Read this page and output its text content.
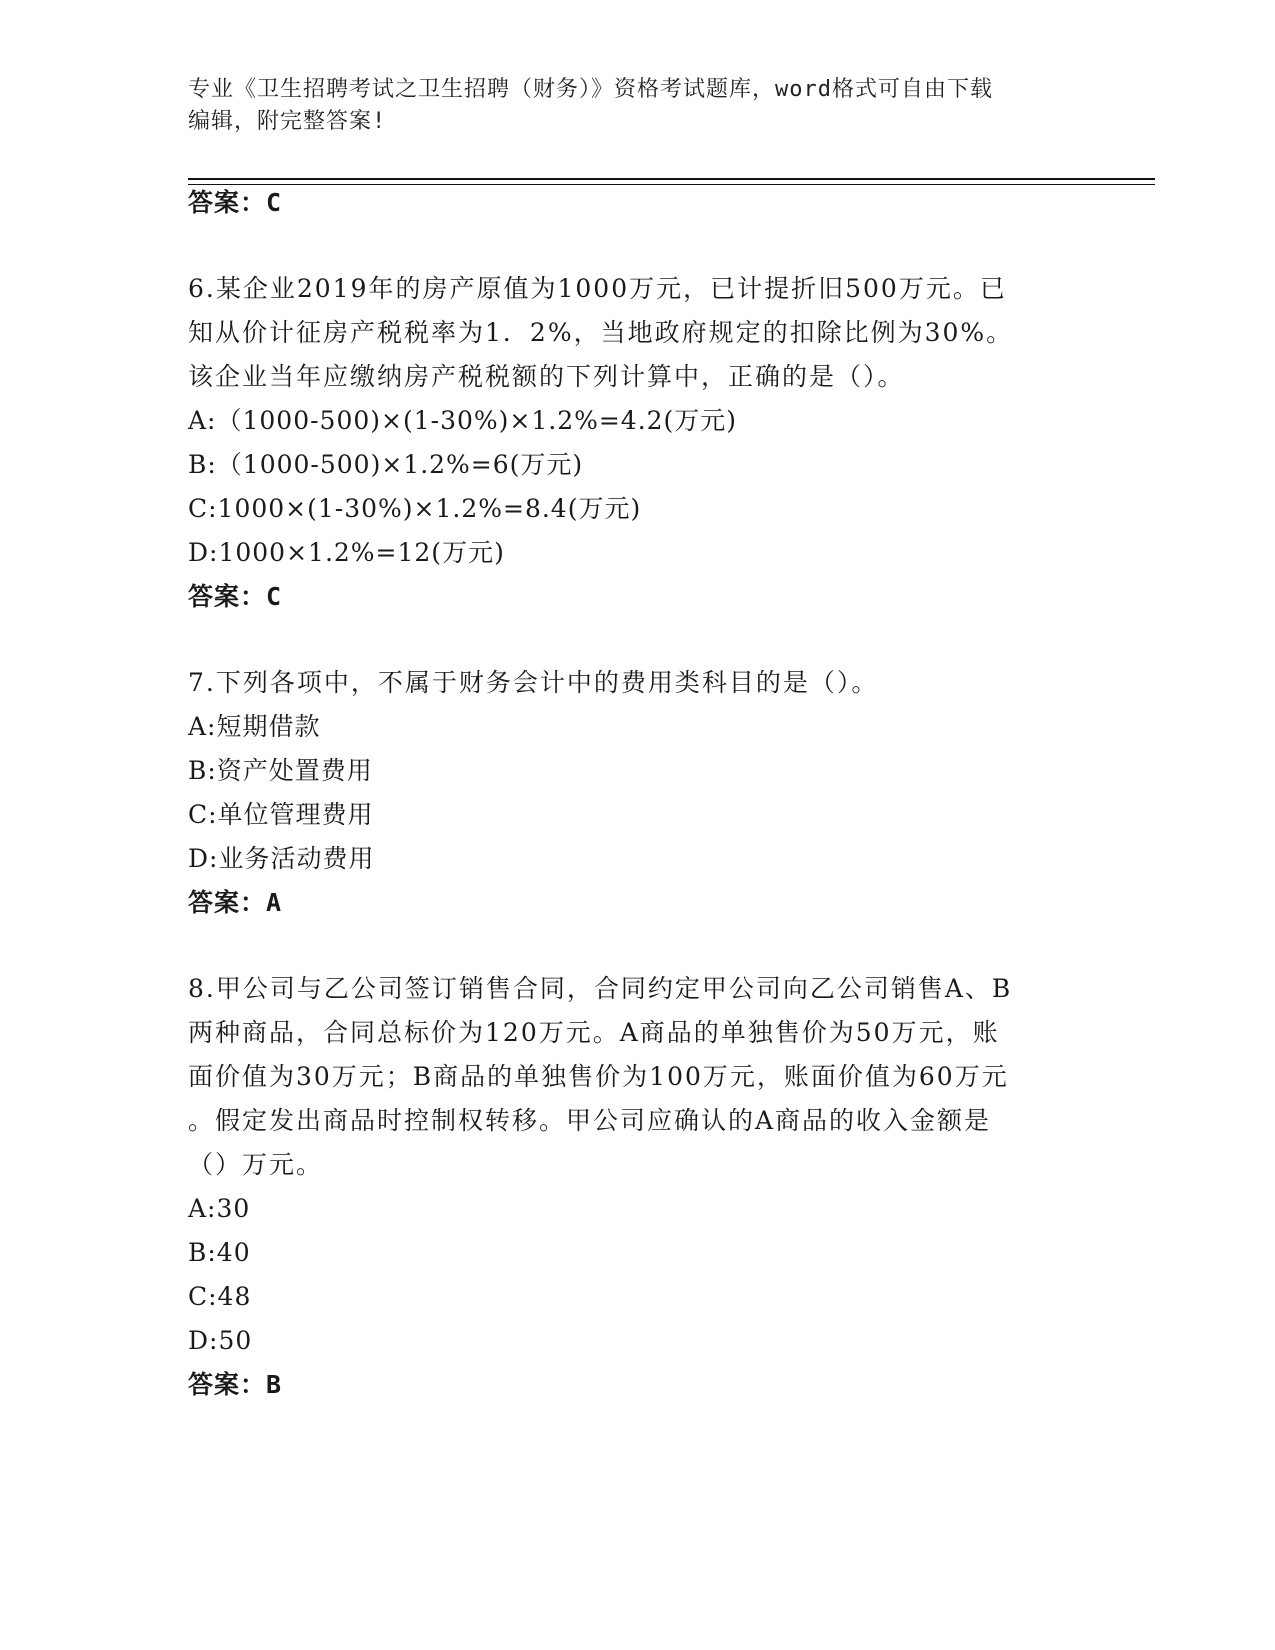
专业《卫生招聘考试之卫生招聘（财务）》资格考试题库，word格式可自由下载
编辑，附完整答案!
答案：C
6.某企业2019年的房产原值为1000万元，已计提折旧500万元。已
知从价计征房产税税率为1．2%，当地政府规定的扣除比例为30%。
该企业当年应缴纳房产税税额的下列计算中，正确的是（）。
A:（1000-500)×(1-30%)×1.2%=4.2(万元)
B:（1000-500)×1.2%=6(万元)
C:1000×(1-30%)×1.2%=8.4(万元)
D:1000×1.2%=12(万元)
答案：C
7.下列各项中，不属于财务会计中的费用类科目的是（）。
A:短期借款
B:资产处置费用
C:单位管理费用
D:业务活动费用
答案：A
8.甲公司与乙公司签订销售合同，合同约定甲公司向乙公司销售A、B
两种商品，合同总标价为120万元。A商品的单独售价为50万元，账
面价值为30万元；B商品的单独售价为100万元，账面价值为60万元
。假定发出商品时控制权转移。甲公司应确认的A商品的收入金额是
（）万元。
A:30
B:40
C:48
D:50
答案：B
